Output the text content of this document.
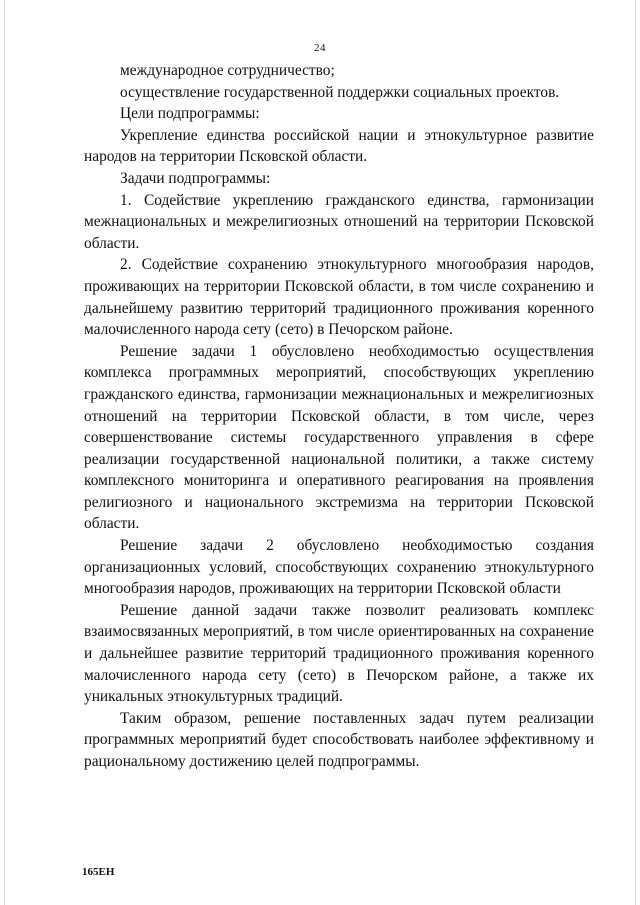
24

международное сотрудничество;

осуществление государственной поддержки социальных проектов.

Цели подпрограммы:

Укрепление единства российской нации и этнокультурное развитие народов на территории Псковской области.

Задачи подпрограммы:

1. Содействие укреплению гражданского единства, гармонизации межнациональных и межрелигиозных отношений на территории Псковской области.

2. Содействие сохранению этнокультурного многообразия народов, проживающих на территории Псковской области, в том числе сохранению и дальнейшему развитию территорий традиционного проживания коренного малочисленного народа сету (сето) в Печорском районе.

Решение задачи 1 обусловлено необходимостью осуществления комплекса программных мероприятий, способствующих укреплению гражданского единства, гармонизации межнациональных и межрелигиозных отношений на территории Псковской области, в том числе, через совершенствование системы государственного управления в сфере реализации государственной национальной политики, а также систему комплексного мониторинга и оперативного реагирования на проявления религиозного и национального экстремизма на территории Псковской области.

Решение задачи 2 обусловлено необходимостью создания организационных условий, способствующих сохранению этнокультурного многообразия народов, проживающих на территории Псковской области

Решение данной задачи также позволит реализовать комплекс взаимосвязанных мероприятий, в том числе ориентированных на сохранение и дальнейшее развитие территорий традиционного проживания коренного малочисленного народа сету (сето) в Печорском районе, а также их уникальных этнокультурных традиций.

Таким образом, решение поставленных задач путем реализации программных мероприятий будет способствовать наиболее эффективному и рациональному достижению целей подпрограммы.

165ЕН
